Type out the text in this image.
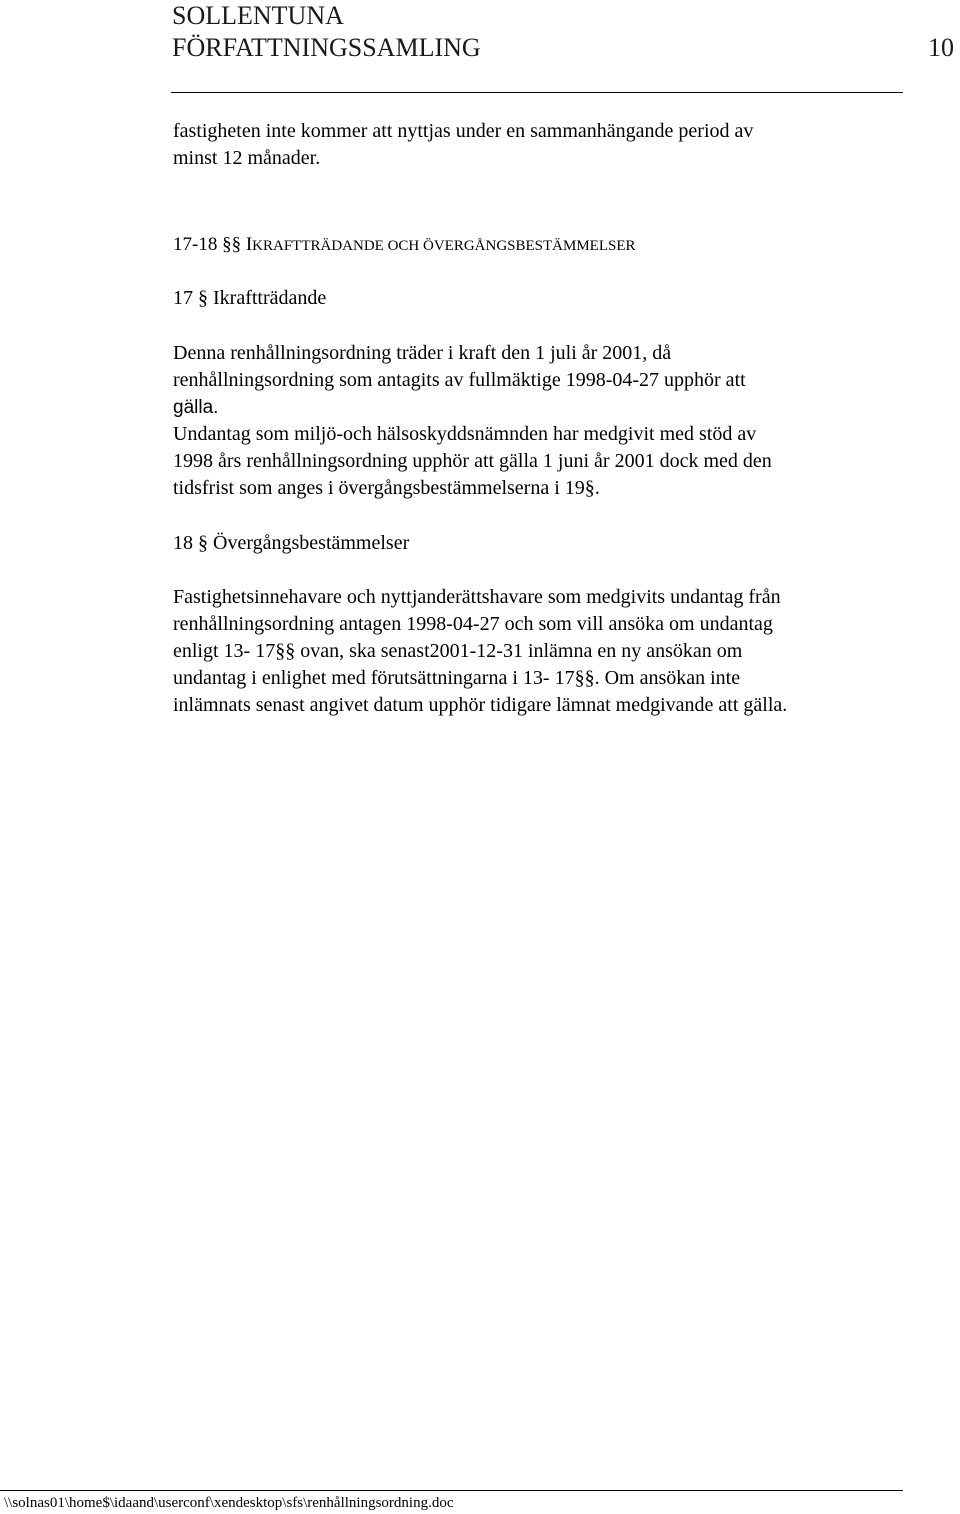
SOLLENTUNA
FÖRFATTNINGSSAMLING	10
fastigheten inte kommer att nyttjas under en sammanhängande period av
minst 12 månader.
17-18 §§ IKRAFTTRÄDANDE OCH ÖVERGÅNGSBESTÄMMELSER
17 § Ikraftträdande
Denna renhållningsordning träder i kraft den 1 juli år 2001, då
renhållningsordning som antagits av fullmäktige 1998-04-27 upphör att
gälla.
Undantag som miljö-och hälsoskyddsnämnden har medgivit med stöd av
1998 års renhållningsordning upphör att gälla 1 juni år 2001 dock med den
tidsfrist som anges i övergångsbestämmelserna i 19§.
18 § Övergångsbestämmelser
Fastighetsinnehavare och nyttjanderättshavare som medgivits undantag från
renhållningsordning antagen 1998-04-27 och som vill ansöka om undantag
enligt 13- 17§§ ovan, ska senast2001-12-31 inlämna en ny ansökan om
undantag i enlighet med förutsättningarna i 13- 17§§. Om ansökan inte
inlämnats senast angivet datum upphör tidigare lämnat medgivande att gälla.
\\solnas01\home$\idaand\userconf\xendesktop\sfs\renhållningsordning.doc
